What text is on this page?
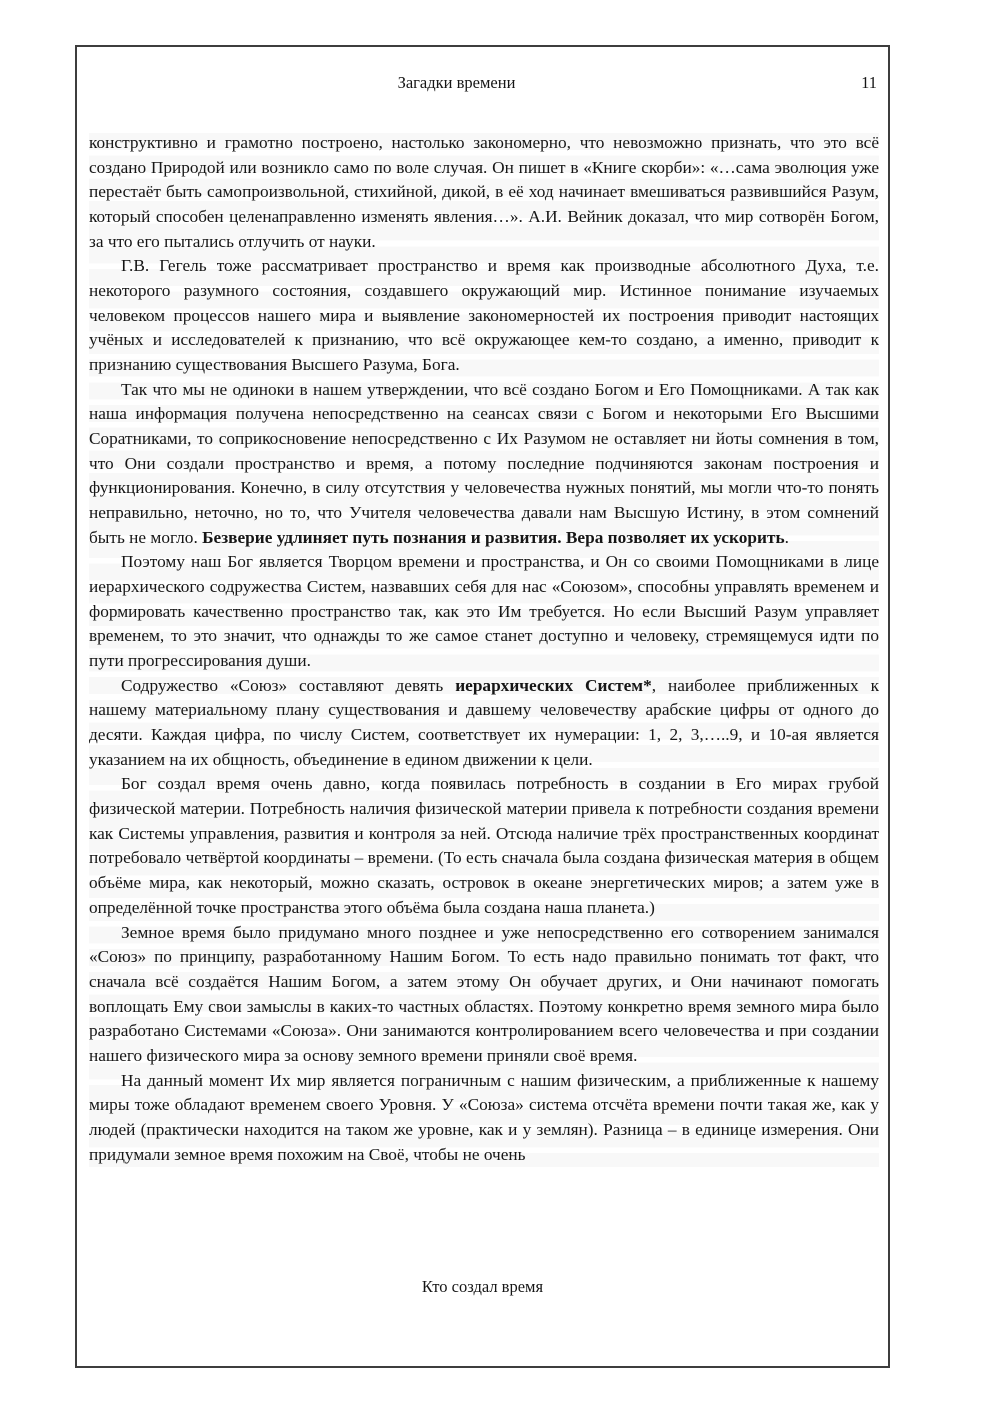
Загадки времени	11

конструктивно и грамотно построено, настолько закономерно, что невозможно признать, что это всё создано Природой или возникло само по воле случая. Он пишет в «Книге скорби»: «…сама эволюция уже перестаёт быть самопроизвольной, стихийной, дикой, в её ход начинает вмешиваться развившийся Разум, который способен целенаправленно изменять явления…». А.И. Вейник доказал, что мир сотворён Богом, за что его пытались отлучить от науки.

Г.В. Гегель тоже рассматривает пространство и время как производные абсолютного Духа, т.е. некоторого разумного состояния, создавшего окружающий мир. Истинное понимание изучаемых человеком процессов нашего мира и выявление закономерностей их построения приводит настоящих учёных и исследователей к признанию, что всё окружающее кем-то создано, а именно, приводит к признанию существования Высшего Разума, Бога.

Так что мы не одиноки в нашем утверждении, что всё создано Богом и Его Помощниками. А так как наша информация получена непосредственно на сеансах связи с Богом и некоторыми Его Высшими Соратниками, то соприкосновение непосредственно с Их Разумом не оставляет ни йоты сомнения в том, что Они создали пространство и время, а потому последние подчиняются законам построения и функционирования. Конечно, в силу отсутствия у человечества нужных понятий, мы могли что-то понять неправильно, неточно, но то, что Учителя человечества давали нам Высшую Истину, в этом сомнений быть не могло. Безверие удлиняет путь познания и развития. Вера позволяет их ускорить.

Поэтому наш Бог является Творцом времени и пространства, и Он со своими Помощниками в лице иерархического содружества Систем, назвавших себя для нас «Союзом», способны управлять временем и формировать качественно пространство так, как это Им требуется. Но если Высший Разум управляет временем, то это значит, что однажды то же самое станет доступно и человеку, стремящемуся идти по пути прогрессирования души.

Содружество «Союз» составляют девять иерархических Систем*, наиболее приближенных к нашему материальному плану существования и давшему человечеству арабские цифры от одного до десяти. Каждая цифра, по числу Систем, соответствует их нумерации: 1, 2, 3,…..9, и 10-ая является указанием на их общность, объединение в едином движении к цели.

Бог создал время очень давно, когда появилась потребность в создании в Его мирах грубой физической материи. Потребность наличия физической материи привела к потребности создания времени как Системы управления, развития и контроля за ней. Отсюда наличие трёх пространственных координат потребовало четвёртой координаты – времени. (То есть сначала была создана физическая материя в общем объёме мира, как некоторый, можно сказать, островок в океане энергетических миров; а затем уже в определённой точке пространства этого объёма была создана наша планета.)

Земное время было придумано много позднее и уже непосредственно его сотворением занимался «Союз» по принципу, разработанному Нашим Богом. То есть надо правильно понимать тот факт, что сначала всё создаётся Нашим Богом, а затем этому Он обучает других, и Они начинают помогать воплощать Ему свои замыслы в каких-то частных областях. Поэтому конкретно время земного мира было разработано Системами «Союза». Они занимаются контролированием всего человечества и при создании нашего физического мира за основу земного времени приняли своё время.

На данный момент Их мир является пограничным с нашим физическим, а приближенные к нашему миры тоже обладают временем своего Уровня. У «Союза» система отсчёта времени почти такая же, как у людей (практически находится на таком же уровне, как и у землян). Разница – в единице измерения. Они придумали земное время похожим на Своё, чтобы не очень

Кто создал время
